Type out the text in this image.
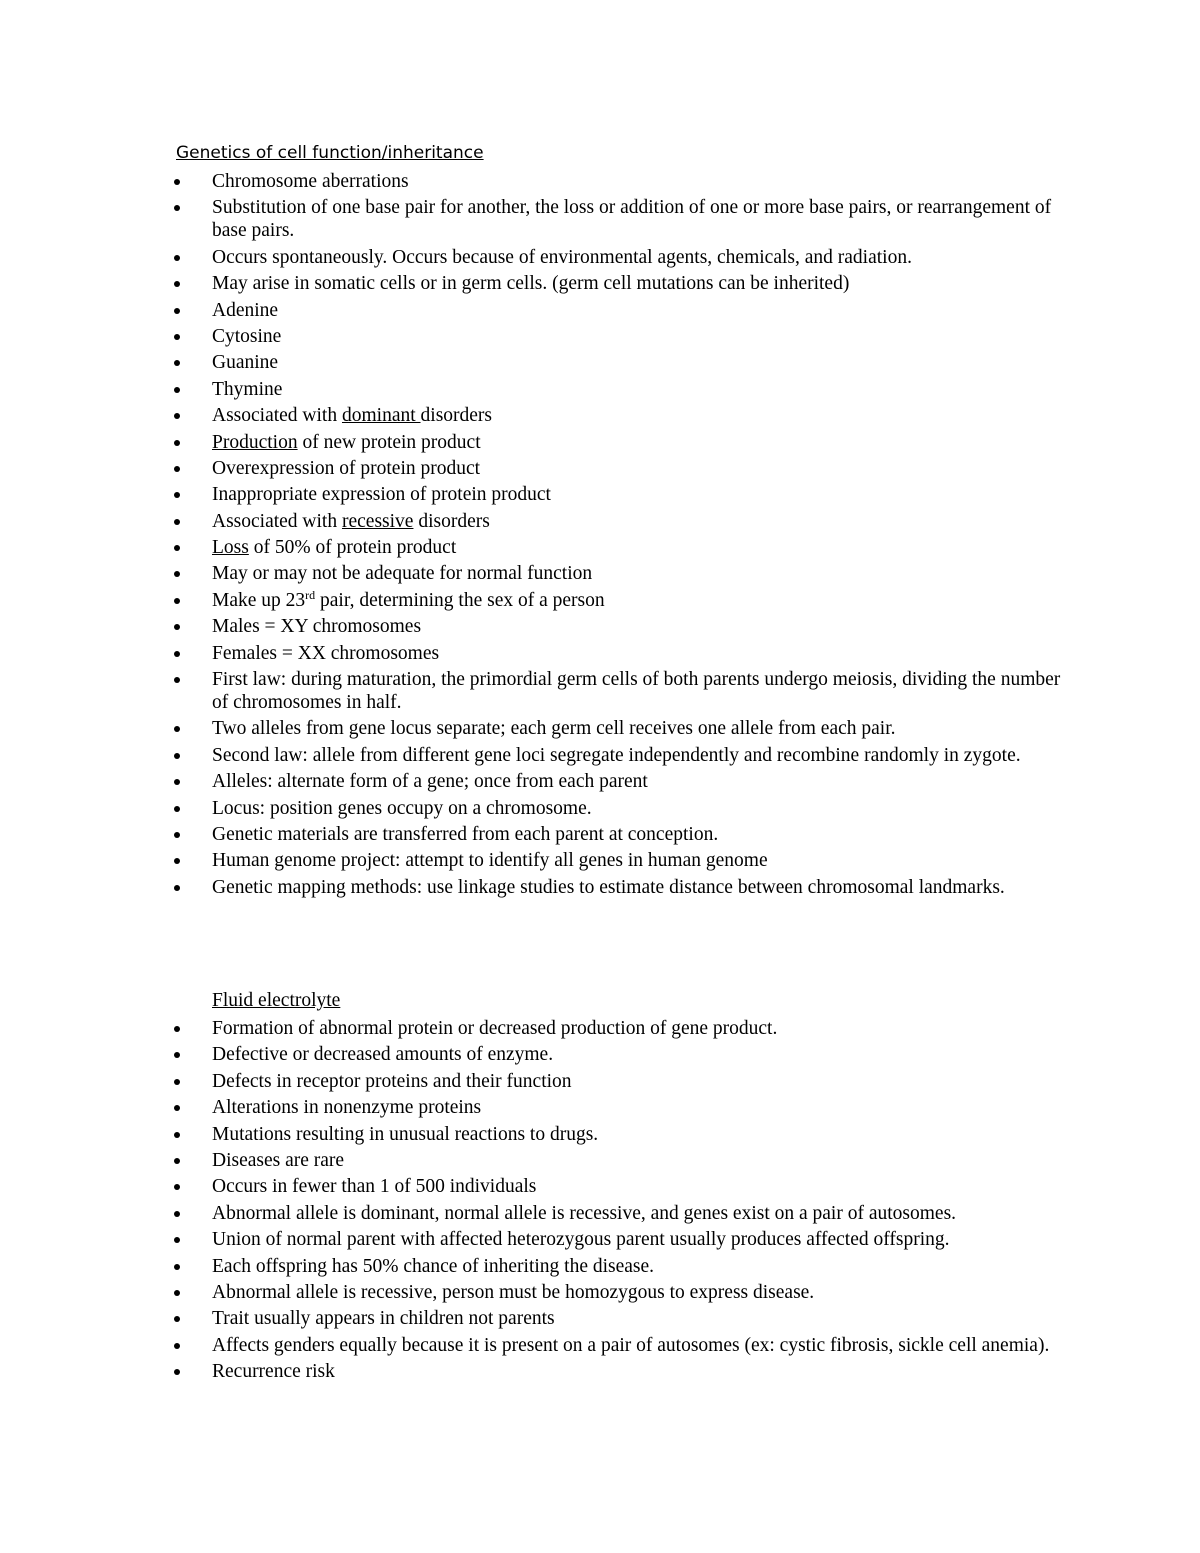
Genetics of cell function/inheritance
Chromosome aberrations
Substitution of one base pair for another, the loss or addition of one or more base pairs, or rearrangement of base pairs.
Occurs spontaneously. Occurs because of environmental agents, chemicals, and radiation.
May arise in somatic cells or in germ cells. (germ cell mutations can be inherited)
Adenine
Cytosine
Guanine
Thymine
Associated with dominant disorders
Production of new protein product
Overexpression of protein product
Inappropriate expression of protein product
Associated with recessive disorders
Loss of 50% of protein product
May or may not be adequate for normal function
Make up 23rd pair, determining the sex of a person
Males = XY chromosomes
Females = XX chromosomes
First law: during maturation, the primordial germ cells of both parents undergo meiosis, dividing the number of chromosomes in half.
Two alleles from gene locus separate; each germ cell receives one allele from each pair.
Second law: allele from different gene loci segregate independently and recombine randomly in zygote.
Alleles: alternate form of a gene; once from each parent
Locus: position genes occupy on a chromosome.
Genetic materials are transferred from each parent at conception.
Human genome project: attempt to identify all genes in human genome
Genetic mapping methods: use linkage studies to estimate distance between chromosomal landmarks.
Fluid electrolyte
Formation of abnormal protein or decreased production of gene product.
Defective or decreased amounts of enzyme.
Defects in receptor proteins and their function
Alterations in nonenzyme proteins
Mutations resulting in unusual reactions to drugs.
Diseases are rare
Occurs in fewer than 1 of 500 individuals
Abnormal allele is dominant, normal allele is recessive, and genes exist on a pair of autosomes.
Union of normal parent with affected heterozygous parent usually produces affected offspring.
Each offspring has 50% chance of inheriting the disease.
Abnormal allele is recessive, person must be homozygous to express disease.
Trait usually appears in children not parents
Affects genders equally because it is present on a pair of autosomes (ex: cystic fibrosis, sickle cell anemia).
Recurrence risk
